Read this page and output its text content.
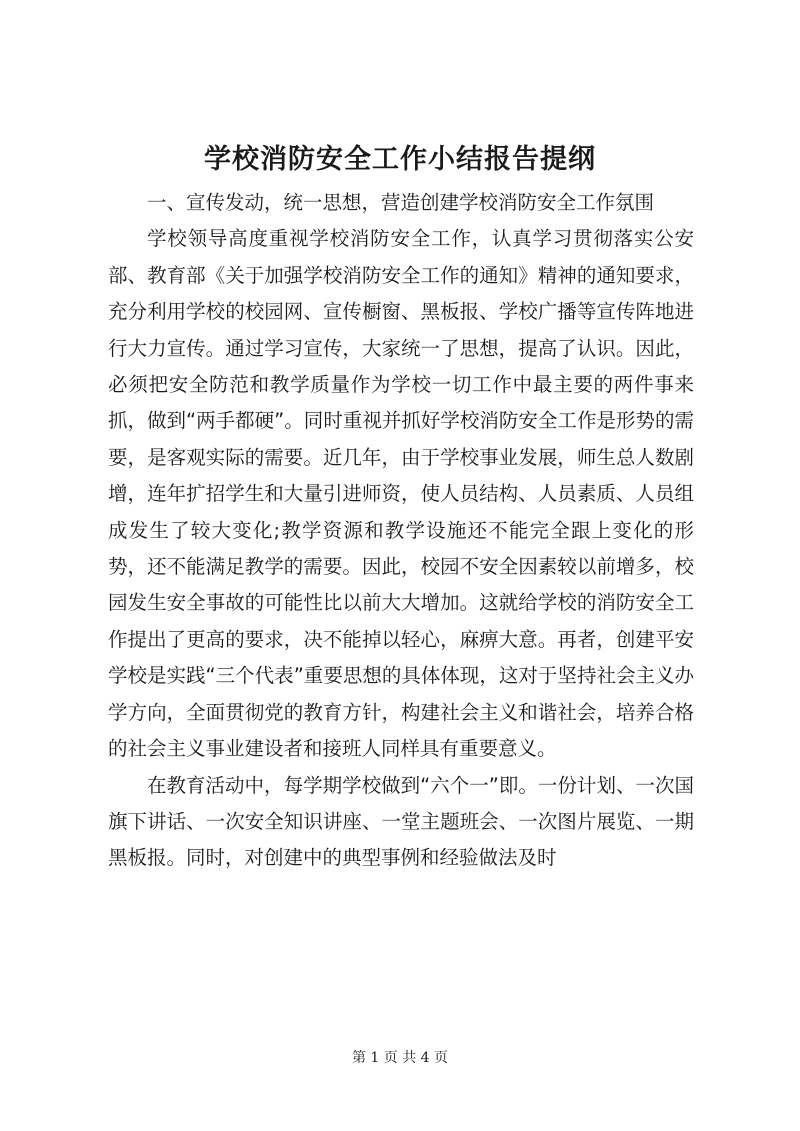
学校消防安全工作小结报告提纲

一、宣传发动，统一思想，营造创建学校消防安全工作氛围

学校领导高度重视学校消防安全工作，认真学习贯彻落实公安部、教育部《关于加强学校消防安全工作的通知》精神的通知要求，充分利用学校的校园网、宣传橱窗、黑板报、学校广播等宣传阵地进行大力宣传。通过学习宣传，大家统一了思想，提高了认识。因此，必须把安全防范和教学质量作为学校一切工作中最主要的两件事来抓，做到“两手都硬”。同时重视并抓好学校消防安全工作是形势的需要，是客观实际的需要。近几年，由于学校事业发展，师生总人数剧增，连年扩招学生和大量引进师资，使人员结构、人员素质、人员组成发生了较大变化;教学资源和教学设施还不能完全跟上变化的形势，还不能满足教学的需要。因此，校园不安全因素较以前增多，校园发生安全事故的可能性比以前大大增加。这就给学校的消防安全工作提出了更高的要求，决不能掉以轻心，麻痹大意。再者，创建平安学校是实践“三个代表”重要思想的具体体现，这对于坚持社会主义办学方向，全面贯彻党的教育方针，构建社会主义和谐社会，培养合格的社会主义事业建设者和接班人同样具有重要意义。

在教育活动中，每学期学校做到“六个一”即。一份计划、一次国旗下讲话、一次安全知识讲座、一堂主题班会、一次图片展览、一期黑板报。同时，对创建中的典型事例和经验做法及时

第 1 页 共 4 页
